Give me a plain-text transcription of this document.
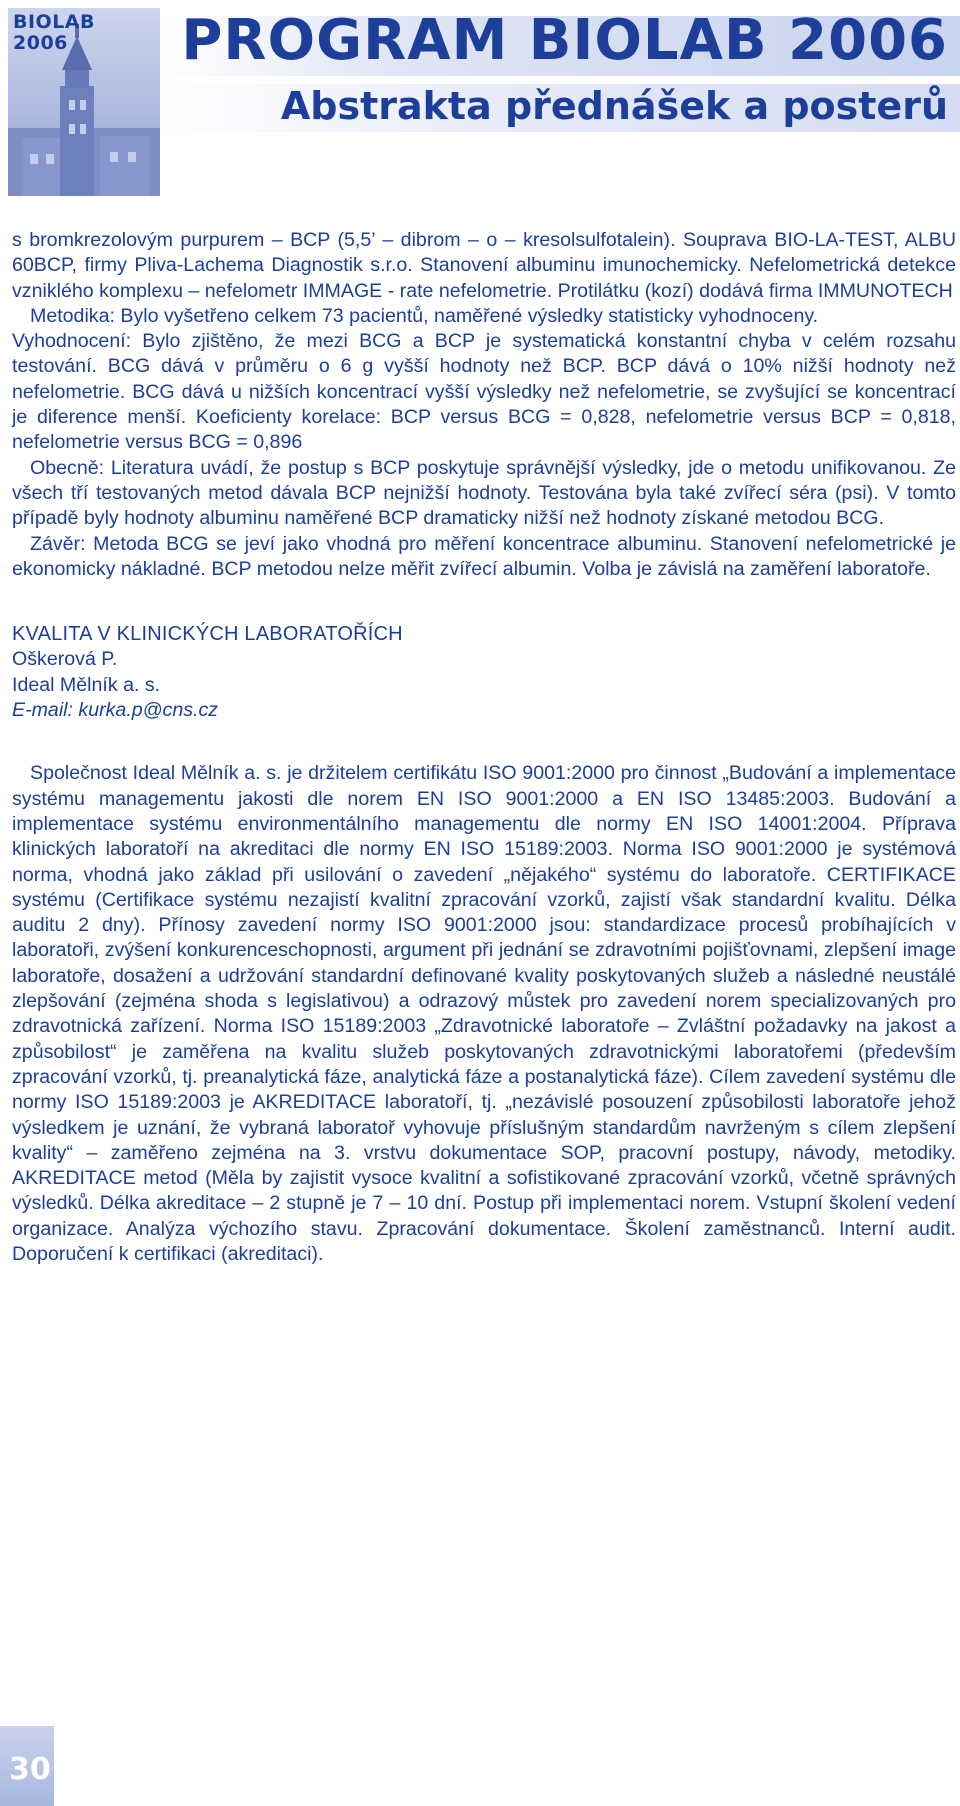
BIOLAB
2006	PROGRAM BIOLAB 2006
Abstrakta přednášek a posterů

s bromkrezolovým purpurem – BCP (5,5’ – dibrom – o – kresolsulfotalein). Souprava BIO-LA-TEST, ALBU 60BCP, firmy Pliva-Lachema Diagnostik s.r.o. Stanovení albuminu imunochemicky. Nefelometrická detekce vzniklého komplexu – nefelometr IMMAGE - rate nefelometrie. Protilátku (kozí) dodává firma IMMUNOTECH

Metodika: Bylo vyšetřeno celkem 73 pacientů, naměřené výsledky statisticky vyhodnoceny.

Vyhodnocení: Bylo zjištěno, že mezi BCG a BCP je systematická konstantní chyba v celém rozsahu testování. BCG dává v průměru o 6 g vyšší hodnoty než BCP. BCP dává o 10% nižší hodnoty než nefelometrie. BCG dává u nižších koncentrací vyšší výsledky než nefelometrie, se zvyšující se koncentrací je diference menší. Koeficienty korelace: BCP versus BCG = 0,828, nefelometrie versus BCP = 0,818, nefelometrie versus BCG = 0,896

Obecně: Literatura uvádí, že postup s BCP poskytuje správnější výsledky, jde o metodu unifikovanou. Ze všech tří testovaných metod dávala BCP nejnižší hodnoty. Testována byla také zvířecí séra (psi). V tomto případě byly hodnoty albuminu naměřené BCP dramaticky nižší než hodnoty získané metodou BCG.

Závěr: Metoda BCG se jeví jako vhodná pro měření koncentrace albuminu. Stanovení nefelometrické je ekonomicky nákladné. BCP metodou nelze měřit zvířecí albumin. Volba je závislá na zaměření laboratoře.

KVALITA V KLINICKÝCH LABORATOŘÍCH

Oškerová P.

Ideal Mělník a. s.

E-mail: kurka.p@cns.cz

Společnost Ideal Mělník a. s. je držitelem certifikátu ISO 9001:2000 pro činnost „Budování a implementace systému managementu jakosti dle norem EN ISO 9001:2000 a EN ISO 13485:2003. Budování a implementace systému environmentálního managementu dle normy EN ISO 14001:2004. Příprava klinických laboratoří na akreditaci dle normy EN ISO 15189:2003. Norma ISO 9001:2000 je systémová norma, vhodná jako základ při usilování o zavedení „nějakého“ systému do laboratoře. CERTIFIKACE systému (Certifikace systému nezajistí kvalitní zpracování vzorků, zajistí však standardní kvalitu. Délka auditu 2 dny). Přínosy zavedení normy ISO 9001:2000 jsou: standardizace procesů probíhajících v laboratoři, zvýšení konkurenceschopnosti, argument při jednání se zdravotními pojišťovnami, zlepšení image laboratoře, dosažení a udržování standardní definované kvality poskytovaných služeb a následné neustálé zlepšování (zejména shoda s legislativou) a odrazový můstek pro zavedení norem specializovaných pro zdravotnická zařízení. Norma ISO 15189:2003 „Zdravotnické laboratoře – Zvláštní požadavky na jakost a způsobilost“ je zaměřena na kvalitu služeb poskytovaných zdravotnickými laboratořemi (především zpracování vzorků, tj. preanalytická fáze, analytická fáze a postanalytická fáze). Cílem zavedení systému dle normy ISO 15189:2003 je AKREDITACE laboratoří, tj. „nezávislé posouzení způsobilosti laboratoře jehož výsledkem je uznání, že vybraná laboratoř vyhovuje příslušným standardům navrženým s cílem zlepšení kvality“ – zaměřeno zejména na 3. vrstvu dokumentace SOP, pracovní postupy, návody, metodiky. AKREDITACE metod (Měla by zajistit vysoce kvalitní a sofistikované zpracování vzorků, včetně správných výsledků. Délka akreditace – 2 stupně je 7 – 10 dní. Postup při implementaci norem. Vstupní školení vedení organizace. Analýza výchozího stavu. Zpracování dokumentace. Školení zaměstnanců. Interní audit. Doporučení k certifikaci (akreditaci).

30
